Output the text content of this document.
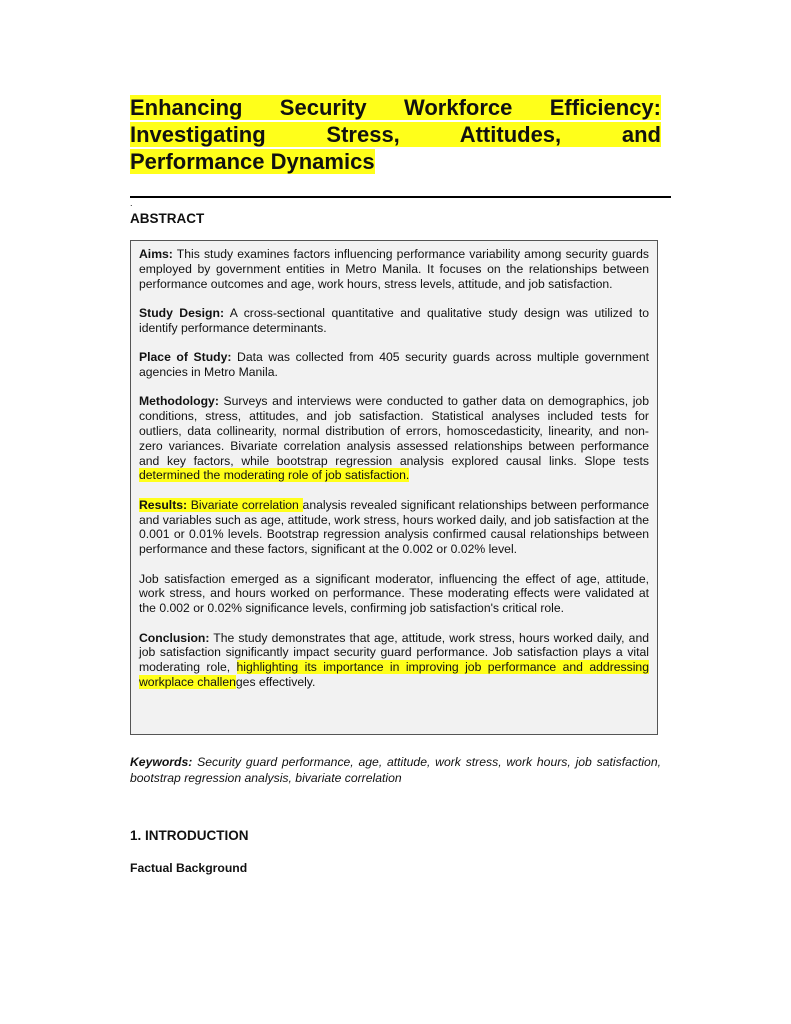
Enhancing Security Workforce Efficiency:
Investigating Stress, Attitudes, and
Performance Dynamics
.
ABSTRACT

Aims: This study examines factors influencing performance variability among security guards employed by government entities in Metro Manila. It focuses on the relationships between performance outcomes and age, work hours, stress levels, attitude, and job satisfaction.

Study Design: A cross-sectional quantitative and qualitative study design was utilized to identify performance determinants.

Place of Study: Data was collected from 405 security guards across multiple government agencies in Metro Manila.

Methodology: Surveys and interviews were conducted to gather data on demographics, job conditions, stress, attitudes, and job satisfaction. Statistical analyses included tests for outliers, data collinearity, normal distribution of errors, homoscedasticity, linearity, and non-zero variances. Bivariate correlation analysis assessed relationships between performance and key factors, while bootstrap regression analysis explored causal links. Slope tests determined the moderating role of job satisfaction.

Results: Bivariate correlation analysis revealed significant relationships between performance and variables such as age, attitude, work stress, hours worked daily, and job satisfaction at the 0.001 or 0.01% levels. Bootstrap regression analysis confirmed causal relationships between performance and these factors, significant at the 0.002 or 0.02% level.

Job satisfaction emerged as a significant moderator, influencing the effect of age, attitude, work stress, and hours worked on performance. These moderating effects were validated at the 0.002 or 0.02% significance levels, confirming job satisfaction's critical role.

Conclusion: The study demonstrates that age, attitude, work stress, hours worked daily, and job satisfaction significantly impact security guard performance. Job satisfaction plays a vital moderating role, highlighting its importance in improving job performance and addressing workplace challenges effectively.

Keywords: Security guard performance, age, attitude, work stress, work hours, job satisfaction, bootstrap regression analysis, bivariate correlation
1. INTRODUCTION
Factual Background
